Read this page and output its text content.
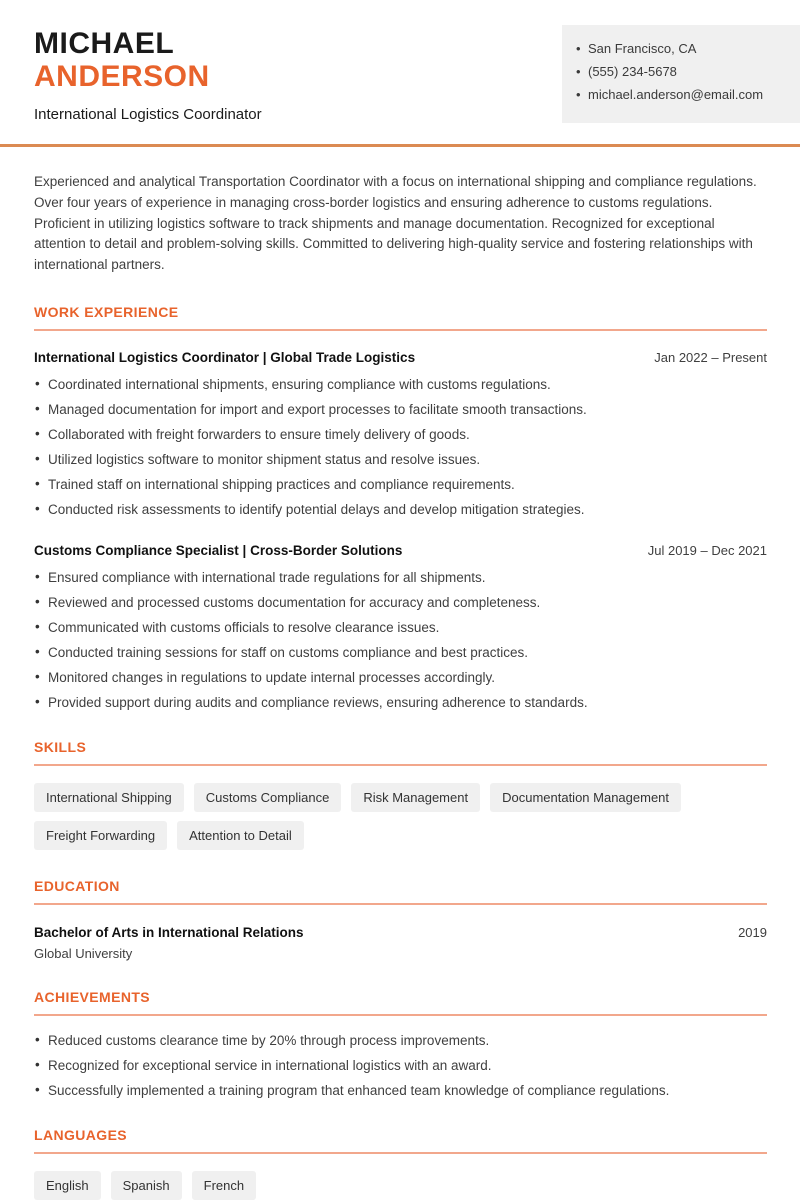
MICHAEL
ANDERSON
International Logistics Coordinator
• San Francisco, CA
• (555) 234-5678
• michael.anderson@email.com

Experienced and analytical Transportation Coordinator with a focus on international shipping and compliance regulations. Over four years of experience in managing cross-border logistics and ensuring adherence to customs regulations. Proficient in utilizing logistics software to track shipments and manage documentation. Recognized for exceptional attention to detail and problem-solving skills. Committed to delivering high-quality service and fostering relationships with international partners.

WORK EXPERIENCE
International Logistics Coordinator | Global Trade Logistics	Jan 2022 – Present
• Coordinated international shipments, ensuring compliance with customs regulations.
• Managed documentation for import and export processes to facilitate smooth transactions.
• Collaborated with freight forwarders to ensure timely delivery of goods.
• Utilized logistics software to monitor shipment status and resolve issues.
• Trained staff on international shipping practices and compliance requirements.
• Conducted risk assessments to identify potential delays and develop mitigation strategies.
Customs Compliance Specialist | Cross-Border Solutions	Jul 2019 – Dec 2021
• Ensured compliance with international trade regulations for all shipments.
• Reviewed and processed customs documentation for accuracy and completeness.
• Communicated with customs officials to resolve clearance issues.
• Conducted training sessions for staff on customs compliance and best practices.
• Monitored changes in regulations to update internal processes accordingly.
• Provided support during audits and compliance reviews, ensuring adherence to standards.
SKILLS
International Shipping	Customs Compliance	Risk Management	Documentation Management
Freight Forwarding	Attention to Detail
EDUCATION
Bachelor of Arts in International Relations	2019
Global University
ACHIEVEMENTS
• Reduced customs clearance time by 20% through process improvements.
• Recognized for exceptional service in international logistics with an award.
• Successfully implemented a training program that enhanced team knowledge of compliance regulations.
LANGUAGES
English	Spanish	French
